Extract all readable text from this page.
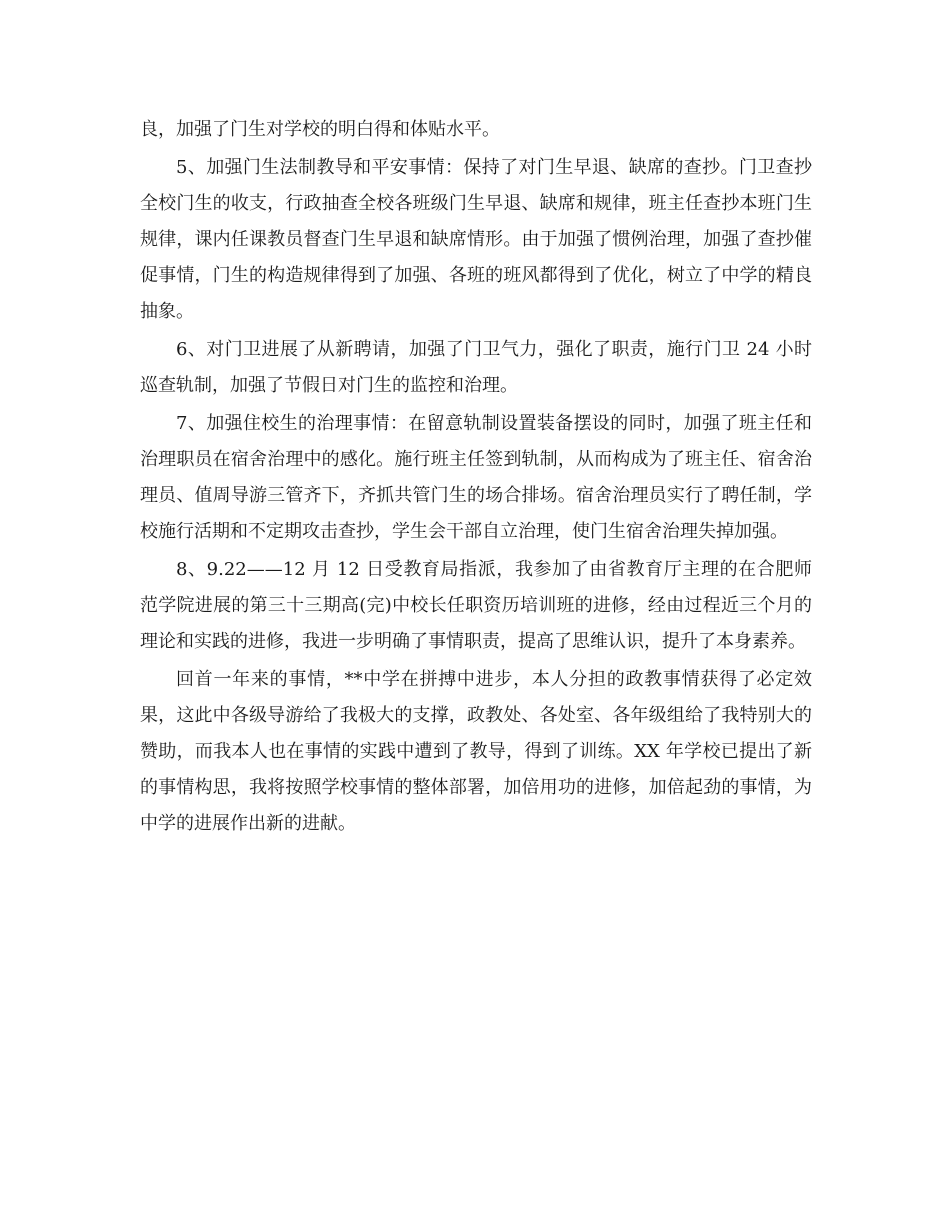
良，加强了门生对学校的明白得和体贴水平。

5、加强门生法制教导和平安事情：保持了对门生早退、缺席的查抄。门卫查抄全校门生的收支，行政抽查全校各班级门生早退、缺席和规律，班主任查抄本班门生规律，课内任课教员督查门生早退和缺席情形。由于加强了惯例治理，加强了查抄催促事情，门生的构造规律得到了加强、各班的班风都得到了优化，树立了中学的精良抽象。

6、对门卫进展了从新聘请，加强了门卫气力，强化了职责，施行门卫 24 小时巡查轨制，加强了节假日对门生的监控和治理。

7、加强住校生的治理事情：在留意轨制设置装备摆设的同时，加强了班主任和治理职员在宿舍治理中的感化。施行班主任签到轨制，从而构成为了班主任、宿舍治理员、值周导游三管齐下，齐抓共管门生的场合排场。宿舍治理员实行了聘任制，学校施行活期和不定期攻击查抄，学生会干部自立治理，使门生宿舍治理失掉加强。

8、9.22——12 月 12 日受教育局指派，我参加了由省教育厅主理的在合肥师范学院进展的第三十三期高(完)中校长任职资历培训班的进修，经由过程近三个月的理论和实践的进修，我进一步明确了事情职责，提高了思维认识，提升了本身素养。

回首一年来的事情，**中学在拼搏中进步，本人分担的政教事情获得了必定效果，这此中各级导游给了我极大的支撑，政教处、各处室、各年级组给了我特别大的赞助，而我本人也在事情的实践中遭到了教导，得到了训练。XX 年学校已提出了新的事情构思，我将按照学校事情的整体部署，加倍用功的进修，加倍起劲的事情，为中学的进展作出新的进献。
